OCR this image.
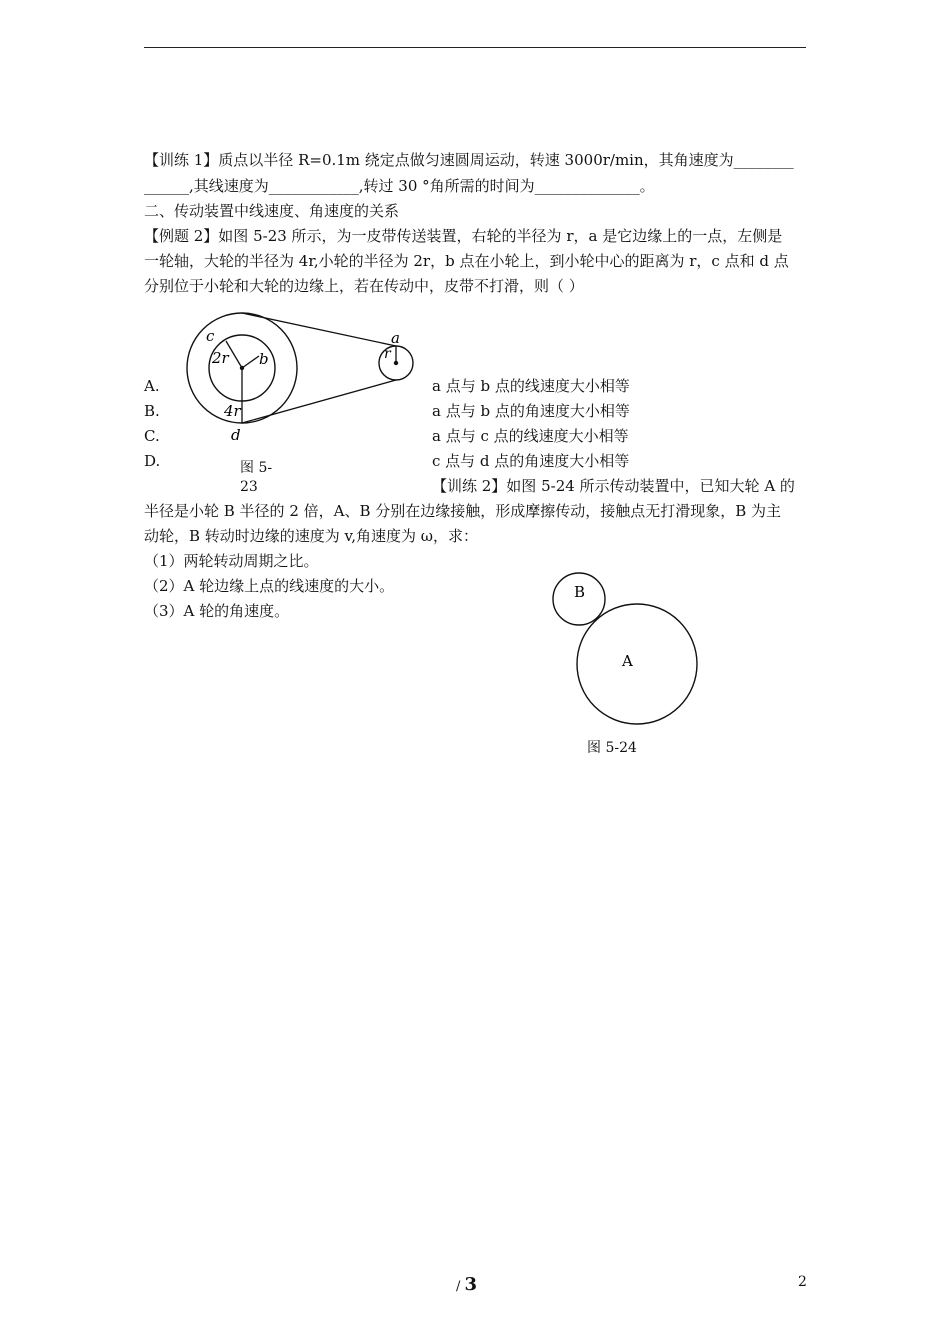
【训练 1】质点以半径 R=0.1m 绕定点做匀速圆周运动，转速 3000r/min，其角速度为________
______,其线速度为____________,转过 30 °角所需的时间为______________。
二、传动装置中线速度、角速度的关系
【例题 2】如图 5-23 所示，为一皮带传送装置，右轮的半径为 r，a 是它边缘上的一点，左侧是
一轮轴，大轮的半径为 4r,小轮的半径为 2r，b 点在小轮上，到小轮中心的距离为 r，c 点和 d 点
分别位于小轮和大轮的边缘上，若在传动中，皮带不打滑，则（ ）
c
2r b
4r
d
a
r
A.
B.
C.
D.
a 点与 b 点的线速度大小相等
a 点与 b 点的角速度大小相等
a 点与 c 点的线速度大小相等
c 点与 d 点的角速度大小相等
图 5-
23	【训练 2】如图 5-24 所示传动装置中，已知大轮 A 的
半径是小轮 B 半径的 2 倍，A、B 分别在边缘接触，形成摩擦传动，接触点无打滑现象，B 为主
动轮，B 转动时边缘的速度为 v,角速度为 ω，求：
（1）两轮转动周期之比。
（2）A 轮边缘上点的线速度的大小。
（3）A 轮的角速度。
B
A
图 5-24
/ 3	2
